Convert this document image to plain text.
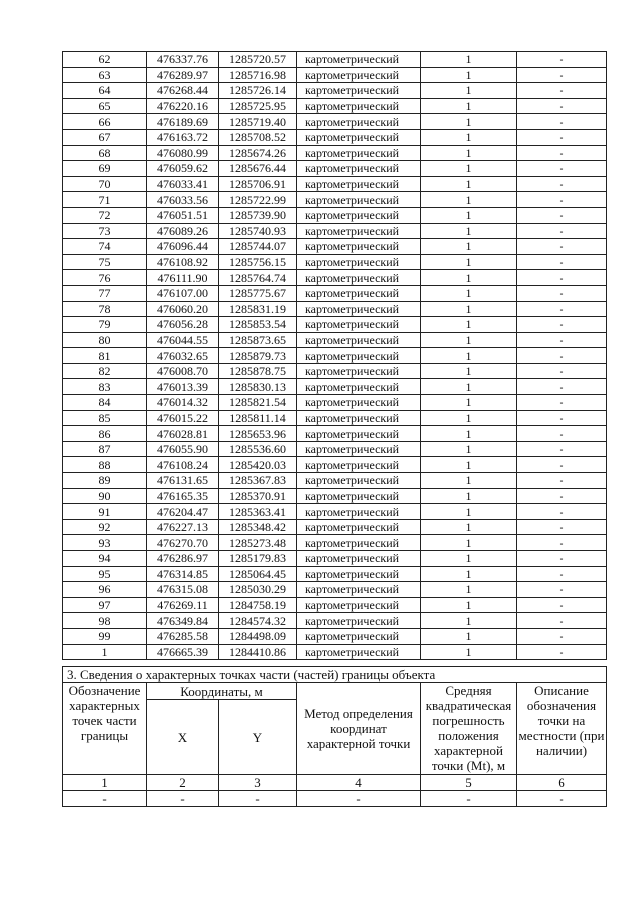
62	476337.76	1285720.57	картометрический	1	-
63	476289.97	1285716.98	картометрический	1	-
64	476268.44	1285726.14	картометрический	1	-
65	476220.16	1285725.95	картометрический	1	-
66	476189.69	1285719.40	картометрический	1	-
67	476163.72	1285708.52	картометрический	1	-
68	476080.99	1285674.26	картометрический	1	-
69	476059.62	1285676.44	картометрический	1	-
70	476033.41	1285706.91	картометрический	1	-
71	476033.56	1285722.99	картометрический	1	-
72	476051.51	1285739.90	картометрический	1	-
73	476089.26	1285740.93	картометрический	1	-
74	476096.44	1285744.07	картометрический	1	-
75	476108.92	1285756.15	картометрический	1	-
76	476111.90	1285764.74	картометрический	1	-
77	476107.00	1285775.67	картометрический	1	-
78	476060.20	1285831.19	картометрический	1	-
79	476056.28	1285853.54	картометрический	1	-
80	476044.55	1285873.65	картометрический	1	-
81	476032.65	1285879.73	картометрический	1	-
82	476008.70	1285878.75	картометрический	1	-
83	476013.39	1285830.13	картометрический	1	-
84	476014.32	1285821.54	картометрический	1	-
85	476015.22	1285811.14	картометрический	1	-
86	476028.81	1285653.96	картометрический	1	-
87	476055.90	1285536.60	картометрический	1	-
88	476108.24	1285420.03	картометрический	1	-
89	476131.65	1285367.83	картометрический	1	-
90	476165.35	1285370.91	картометрический	1	-
91	476204.47	1285363.41	картометрический	1	-
92	476227.13	1285348.42	картометрический	1	-
93	476270.70	1285273.48	картометрический	1	-
94	476286.97	1285179.83	картометрический	1	-
95	476314.85	1285064.45	картометрический	1	-
96	476315.08	1285030.29	картометрический	1	-
97	476269.11	1284758.19	картометрический	1	-
98	476349.84	1284574.32	картометрический	1	-
99	476285.58	1284498.09	картометрический	1	-
1	476665.39	1284410.86	картометрический	1	-
3. Сведения о характерных точках части (частей) границы объекта					
Обозначение характерных точек части границы	Координаты, м		Метод определения координат характерной точки	Средняя квадратическая погрешность положения характерной точки (Mt), м	Описание обозначения точки на местности (при наличии)
	X	Y			
1	2	3	4	5	6
-	-	-	-	-	-
